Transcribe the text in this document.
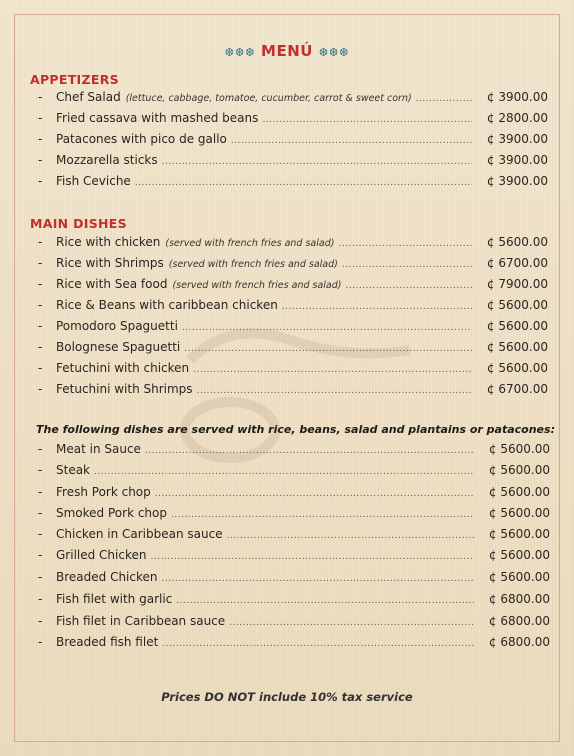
❆❆❆ MENÚ ❆❆❆
APPETIZERS
-	Chef Salad (lettuce, cabbage, tomatoe, cucumber, carrot & sweet corn) .....	¢ 3900.00
-	Fried cassava with mashed beans .....	¢ 2800.00
-	Patacones with pico de gallo .....	¢ 3900.00
-	Mozzarella sticks .....	¢ 3900.00
-	Fish Ceviche .....	¢ 3900.00
MAIN DISHES
-	Rice with chicken (served with french fries and salad) .....	¢ 5600.00
-	Rice with Shrimps (served with french fries and salad) .....	¢ 6700.00
-	Rice with Sea food (served with french fries and salad) .....	¢ 7900.00
-	Rice & Beans with caribbean chicken .....	¢ 5600.00
-	Pomodoro Spaguetti .....	¢ 5600.00
-	Bolognese Spaguetti .....	¢ 5600.00
-	Fetuchini with chicken .....	¢ 5600.00
-	Fetuchini with Shrimps .....	¢ 6700.00
The following dishes are served with rice, beans, salad and plantains or patacones:
-	Meat in Sauce .....	¢ 5600.00
-	Steak .....	¢ 5600.00
-	Fresh Pork chop .....	¢ 5600.00
-	Smoked Pork chop .....	¢ 5600.00
-	Chicken in Caribbean sauce .....	¢ 5600.00
-	Grilled Chicken .....	¢ 5600.00
-	Breaded Chicken .....	¢ 5600.00
-	Fish filet with garlic .....	¢ 6800.00
-	Fish filet in Caribbean sauce .....	¢ 6800.00
-	Breaded fish filet .....	¢ 6800.00
Prices DO NOT include 10% tax service
